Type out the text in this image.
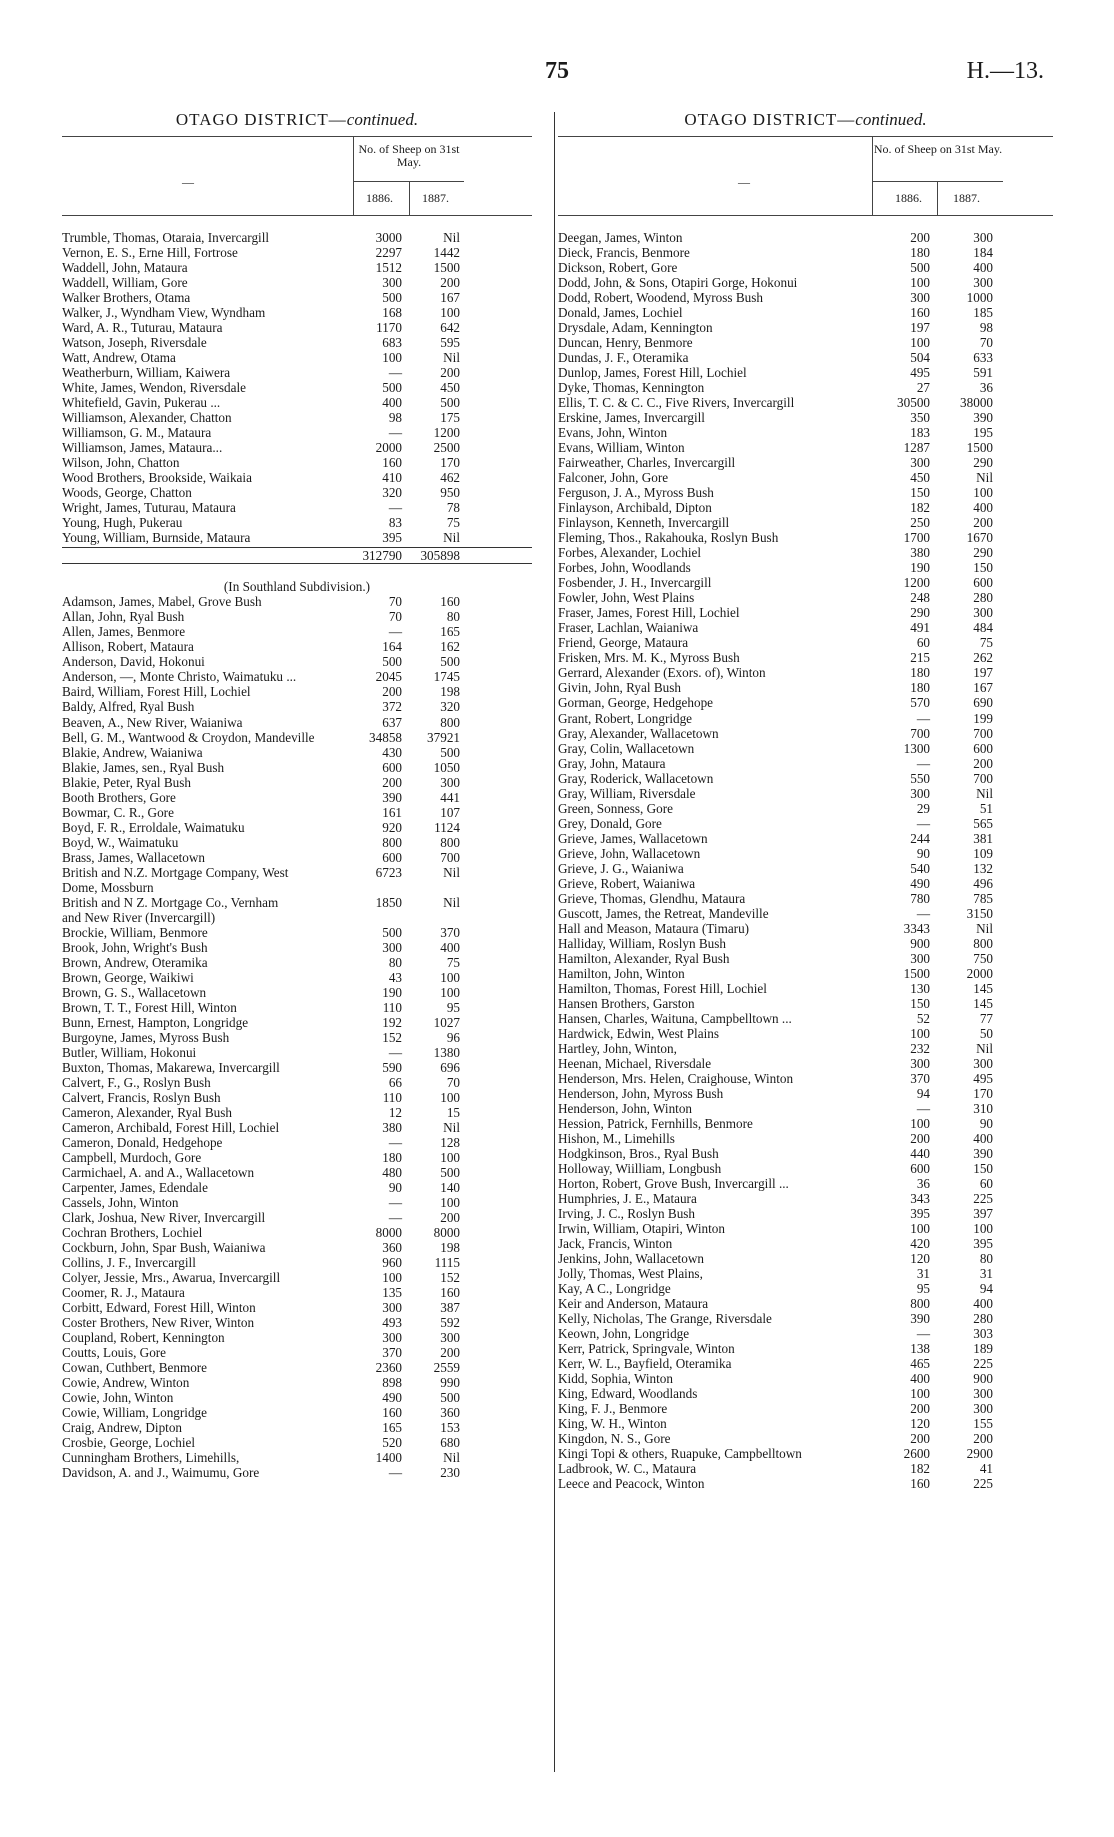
75	H.—13.
OTAGO DISTRICT—continued.
—
No. of Sheep on 31st May.
1886. 1887.
Trumble, Thomas, Otaraia, Invercargill	3000	Nil
Vernon, E. S., Erne Hill, Fortrose	2297	1442
Waddell, John, Mataura	1512	1500
Waddell, William, Gore	300	200
Walker Brothers, Otama	500	167
Walker, J., Wyndham View, Wyndham	168	100
Ward, A. R., Tuturau, Mataura	1170	642
Watson, Joseph, Riversdale	683	595
Watt, Andrew, Otama	100	Nil
Weatherburn, William, Kaiwera	—	200
White, James, Wendon, Riversdale	500	450
Whitefield, Gavin, Pukerau ...	400	500
Williamson, Alexander, Chatton	98	175
Williamson, G. M., Mataura	—	1200
Williamson, James, Mataura...	2000	2500
Wilson, John, Chatton	160	170
Wood Brothers, Brookside, Waikaia	410	462
Woods, George, Chatton	320	950
Wright, James, Tuturau, Mataura	—	78
Young, Hugh, Pukerau	83	75
Young, William, Burnside, Mataura	395	Nil
312790	305898
(In Southland Subdivision.)
Adamson, James, Mabel, Grove Bush	70	160
Allan, John, Ryal Bush	70	80
Allen, James, Benmore	—	165
Allison, Robert, Mataura	164	162
Anderson, David, Hokonui	500	500
Anderson, —, Monte Christo, Waimatuku ...	2045	1745
Baird, William, Forest Hill, Lochiel	200	198
Baldy, Alfred, Ryal Bush	372	320
Beaven, A., New River, Waianiwa	637	800
Bell, G. M., Wantwood & Croydon, Mandeville	34858	37921
Blakie, Andrew, Waianiwa	430	500
Blakie, James, sen., Ryal Bush	600	1050
Blakie, Peter, Ryal Bush	200	300
Booth Brothers, Gore	390	441
Bowmar, C. R., Gore	161	107
Boyd, F. R., Erroldale, Waimatuku	920	1124
Boyd, W., Waimatuku	800	800
Brass, James, Wallacetown	600	700
British and N.Z. Mortgage Company, West	6723	Nil
Dome, Mossburn
British and N Z. Mortgage Co., Vernham	1850	Nil
and New River (Invercargill)
Brockie, William, Benmore	500	370
Brook, John, Wright's Bush	300	400
Brown, Andrew, Oteramika	80	75
Brown, George, Waikiwi	43	100
Brown, G. S., Wallacetown	190	100
Brown, T. T., Forest Hill, Winton	110	95
Bunn, Ernest, Hampton, Longridge	192	1027
Burgoyne, James, Myross Bush	152	96
Butler, William, Hokonui	—	1380
Buxton, Thomas, Makarewa, Invercargill	590	696
Calvert, F., G., Roslyn Bush	66	70
Calvert, Francis, Roslyn Bush	110	100
Cameron, Alexander, Ryal Bush	12	15
Cameron, Archibald, Forest Hill, Lochiel	380	Nil
Cameron, Donald, Hedgehope	—	128
Campbell, Murdoch, Gore	180	100
Carmichael, A. and A., Wallacetown	480	500
Carpenter, James, Edendale	90	140
Cassels, John, Winton	—	100
Clark, Joshua, New River, Invercargill	—	200
Cochran Brothers, Lochiel	8000	8000
Cockburn, John, Spar Bush, Waianiwa	360	198
Collins, J. F., Invercargill	960	1115
Colyer, Jessie, Mrs., Awarua, Invercargill	100	152
Coomer, R. J., Mataura	135	160
Corbitt, Edward, Forest Hill, Winton	300	387
Coster Brothers, New River, Winton	493	592
Coupland, Robert, Kennington	300	300
Coutts, Louis, Gore	370	200
Cowan, Cuthbert, Benmore	2360	2559
Cowie, Andrew, Winton	898	990
Cowie, John, Winton	490	500
Cowie, William, Longridge	160	360
Craig, Andrew, Dipton	165	153
Crosbie, George, Lochiel	520	680
Cunningham Brothers, Limehills,	1400	Nil
Davidson, A. and J., Waimumu, Gore	—	230
OTAGO DISTRICT—continued.
—
No. of Sheep on 31st May.
1886.	1887.
Deegan, James, Winton	200	300
Dieck, Francis, Benmore	180	184
Dickson, Robert, Gore	500	400
Dodd, John, & Sons, Otapiri Gorge, Hokonui	100	300
Dodd, Robert, Woodend, Myross Bush	300	1000
Donald, James, Lochiel	160	185
Drysdale, Adam, Kennington	197	98
Duncan, Henry, Benmore	100	70
Dundas, J. F., Oteramika	504	633
Dunlop, James, Forest Hill, Lochiel	495	591
Dyke, Thomas, Kennington	27	36
Ellis, T. C. & C. C., Five Rivers, Invercargill	30500	38000
Erskine, James, Invercargill	350	390
Evans, John, Winton	183	195
Evans, William, Winton	1287	1500
Fairweather, Charles, Invercargill	300	290
Falconer, John, Gore	450	Nil
Ferguson, J. A., Myross Bush	150	100
Finlayson, Archibald, Dipton	182	400
Finlayson, Kenneth, Invercargill	250	200
Fleming, Thos., Rakahouka, Roslyn Bush	1700	1670
Forbes, Alexander, Lochiel	380	290
Forbes, John, Woodlands	190	150
Fosbender, J. H., Invercargill	1200	600
Fowler, John, West Plains	248	280
Fraser, James, Forest Hill, Lochiel	290	300
Fraser, Lachlan, Waianiwa	491	484
Friend, George, Mataura	60	75
Frisken, Mrs. M. K., Myross Bush	215	262
Gerrard, Alexander (Exors. of), Winton	180	197
Givin, John, Ryal Bush	180	167
Gorman, George, Hedgehope	570	690
Grant, Robert, Longridge	—	199
Gray, Alexander, Wallacetown	700	700
Gray, Colin, Wallacetown	1300	600
Gray, John, Mataura	—	200
Gray, Roderick, Wallacetown	550	700
Gray, William, Riversdale	300	Nil
Green, Sonness, Gore	29	51
Grey, Donald, Gore	—	565
Grieve, James, Wallacetown	244	381
Grieve, John, Wallacetown	90	109
Grieve, J. G., Waianiwa	540	132
Grieve, Robert, Waianiwa	490	496
Grieve, Thomas, Glendhu, Mataura	780	785
Guscott, James, the Retreat, Mandeville	—	3150
Hall and Meason, Mataura (Timaru)	3343	Nil
Halliday, William, Roslyn Bush	900	800
Hamilton, Alexander, Ryal Bush	300	750
Hamilton, John, Winton	1500	2000
Hamilton, Thomas, Forest Hill, Lochiel	130	145
Hansen Brothers, Garston	150	145
Hansen, Charles, Waituna, Campbelltown ...	52	77
Hardwick, Edwin, West Plains	100	50
Hartley, John, Winton,	232	Nil
Heenan, Michael, Riversdale	300	300
Henderson, Mrs. Helen, Craighouse, Winton	370	495
Henderson, John, Myross Bush	94	170
Henderson, John, Winton	—	310
Hession, Patrick, Fernhills, Benmore	100	90
Hishon, M., Limehills	200	400
Hodgkinson, Bros., Ryal Bush	440	390
Holloway, Wiilliam, Longbush	600	150
Horton, Robert, Grove Bush, Invercargill ...	36	60
Humphries, J. E., Mataura	343	225
Irving, J. C., Roslyn Bush	395	397
Irwin, William, Otapiri, Winton	100	100
Jack, Francis, Winton	420	395
Jenkins, John, Wallacetown	120	80
Jolly, Thomas, West Plains,	31	31
Kay, A C., Longridge	95	94
Keir and Anderson, Mataura	800	400
Kelly, Nicholas, The Grange, Riversdale	390	280
Keown, John, Longridge	—	303
Kerr, Patrick, Springvale, Winton	138	189
Kerr, W. L., Bayfield, Oteramika	465	225
Kidd, Sophia, Winton	400	900
King, Edward, Woodlands	100	300
King, F. J., Benmore	200	300
King, W. H., Winton	120	155
Kingdon, N. S., Gore	200	200
Kingi Topi & others, Ruapuke, Campbelltown	2600	2900
Ladbrook, W. C., Mataura	182	41
Leece and Peacock, Winton	160	225
